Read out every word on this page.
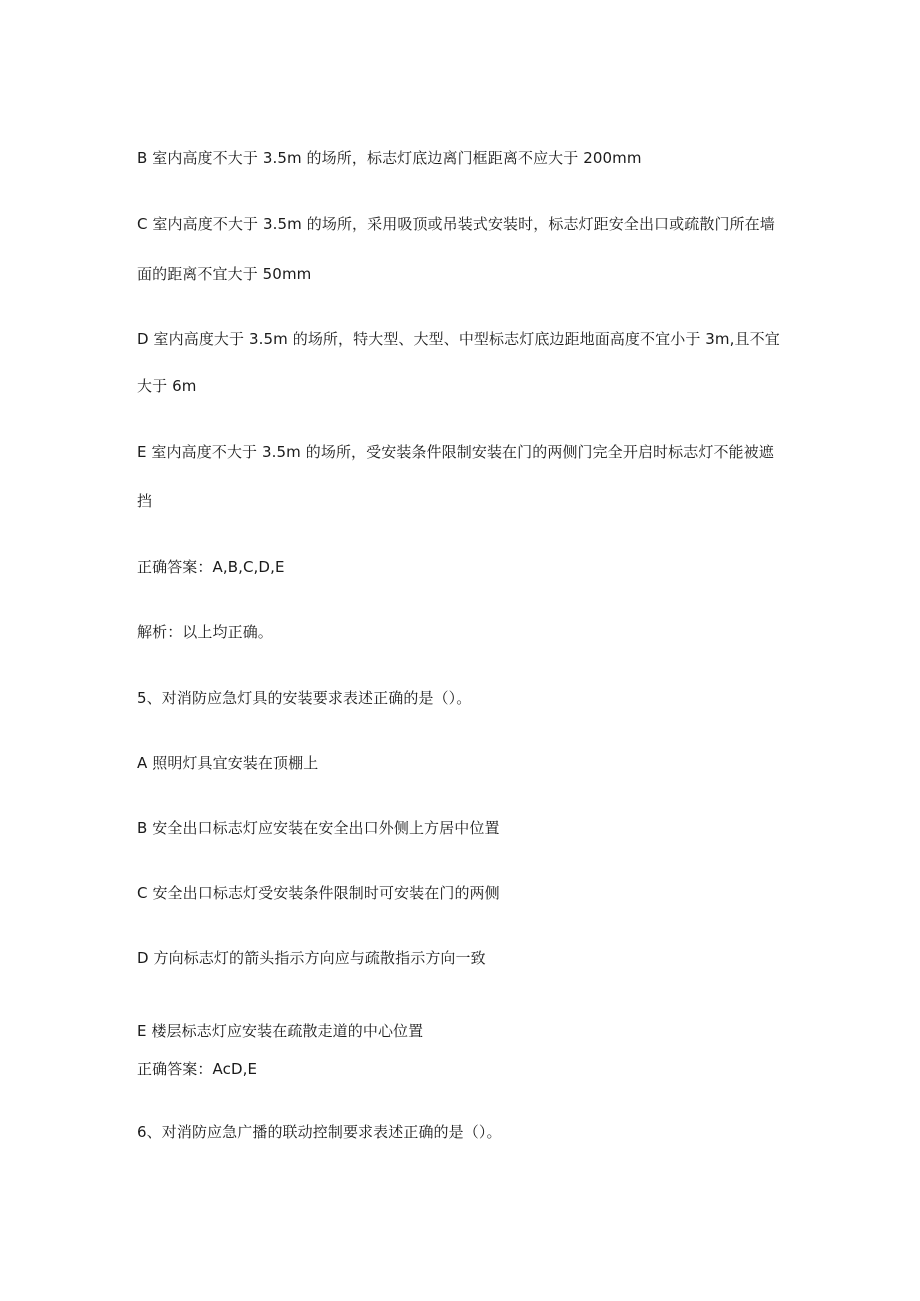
B 室内高度不大于 3.5m 的场所，标志灯底边离门框距离不应大于 200mm
C 室内高度不大于 3.5m 的场所，采用吸顶或吊装式安装时，标志灯距安全出口或疏散门所在墙
面的距离不宜大于 50mm
D 室内高度大于 3.5m 的场所，特大型、大型、中型标志灯底边距地面高度不宜小于 3m,且不宜
大于 6m
E 室内高度不大于 3.5m 的场所，受安装条件限制安装在门的两侧门完全开启时标志灯不能被遮
挡
正确答案：A,B,C,D,E
解析：以上均正确。
5、对消防应急灯具的安装要求表述正确的是（）。
A 照明灯具宜安装在顶棚上
B 安全出口标志灯应安装在安全出口外侧上方居中位置
C 安全出口标志灯受安装条件限制时可安装在门的两侧
D 方向标志灯的箭头指示方向应与疏散指示方向一致
E 楼层标志灯应安装在疏散走道的中心位置
正确答案：AcD,E
6、对消防应急广播的联动控制要求表述正确的是（）。
